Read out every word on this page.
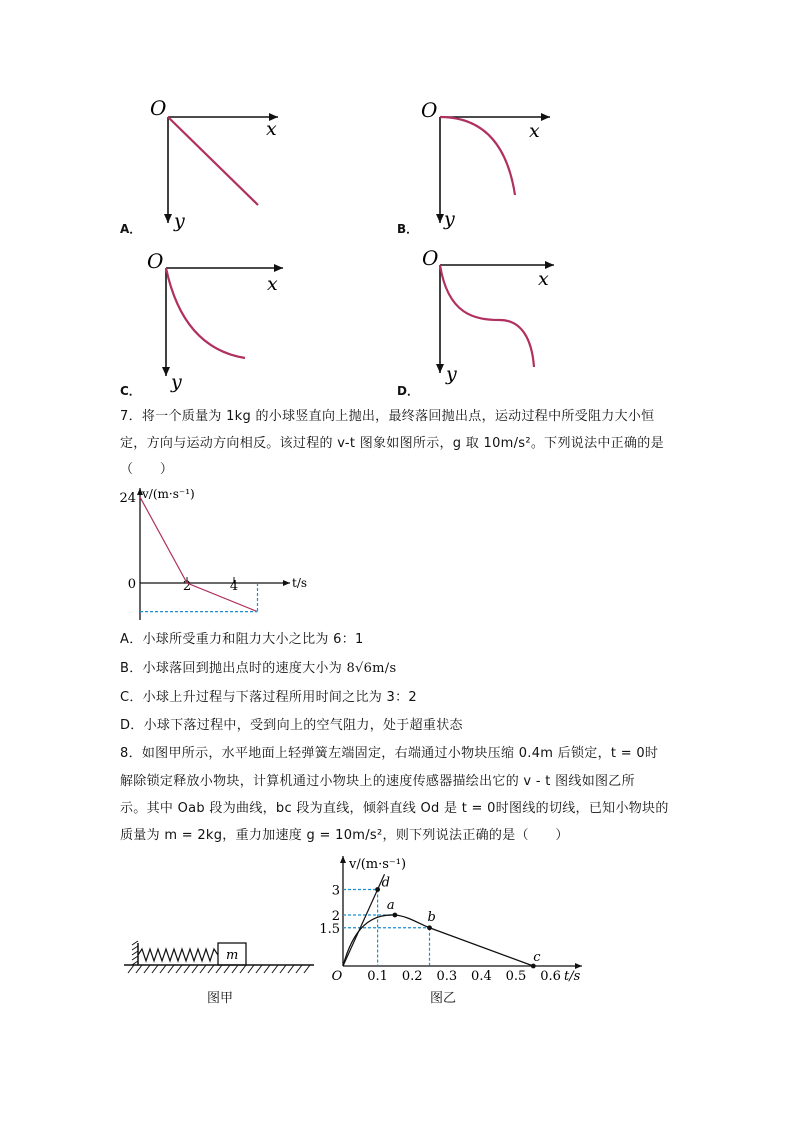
O
x
y
A．
O
x
y
B．
O
x
y
C．
O
x
y
D．
7．将一个质量为 1kg 的小球竖直向上抛出，最终落回抛出点，运动过程中所受阻力大小恒
定，方向与运动方向相反。该过程的 v-t 图象如图所示，g 取 10m/s²。下列说法中正确的是
（　　）
v/(m·s⁻¹)
t/s
24
0	2	4
A．小球所受重力和阻力大小之比为 6：1
B．小球落回到抛出点时的速度大小为 8√6m/s
C．小球上升过程与下落过程所用时间之比为 3：2
D．小球下落过程中，受到向上的空气阻力，处于超重状态
8．如图甲所示，水平地面上轻弹簧左端固定，右端通过小物块压缩 0.4m 后锁定，t = 0时
解除锁定释放小物块，计算机通过小物块上的速度传感器描绘出它的 v - t 图线如图乙所
示。其中 Oab 段为曲线，bc 段为直线，倾斜直线 Od 是 t = 0时图线的切线，已知小物块的
质量为 m = 2kg，重力加速度 g = 10m/s²，则下列说法正确的是（　　）
m
图甲
v/(m·s⁻¹)
t/s
O 0.1 0.2 0.3 0.4 0.5 0.6
3
2
1.5
d
a
b
c
图乙
